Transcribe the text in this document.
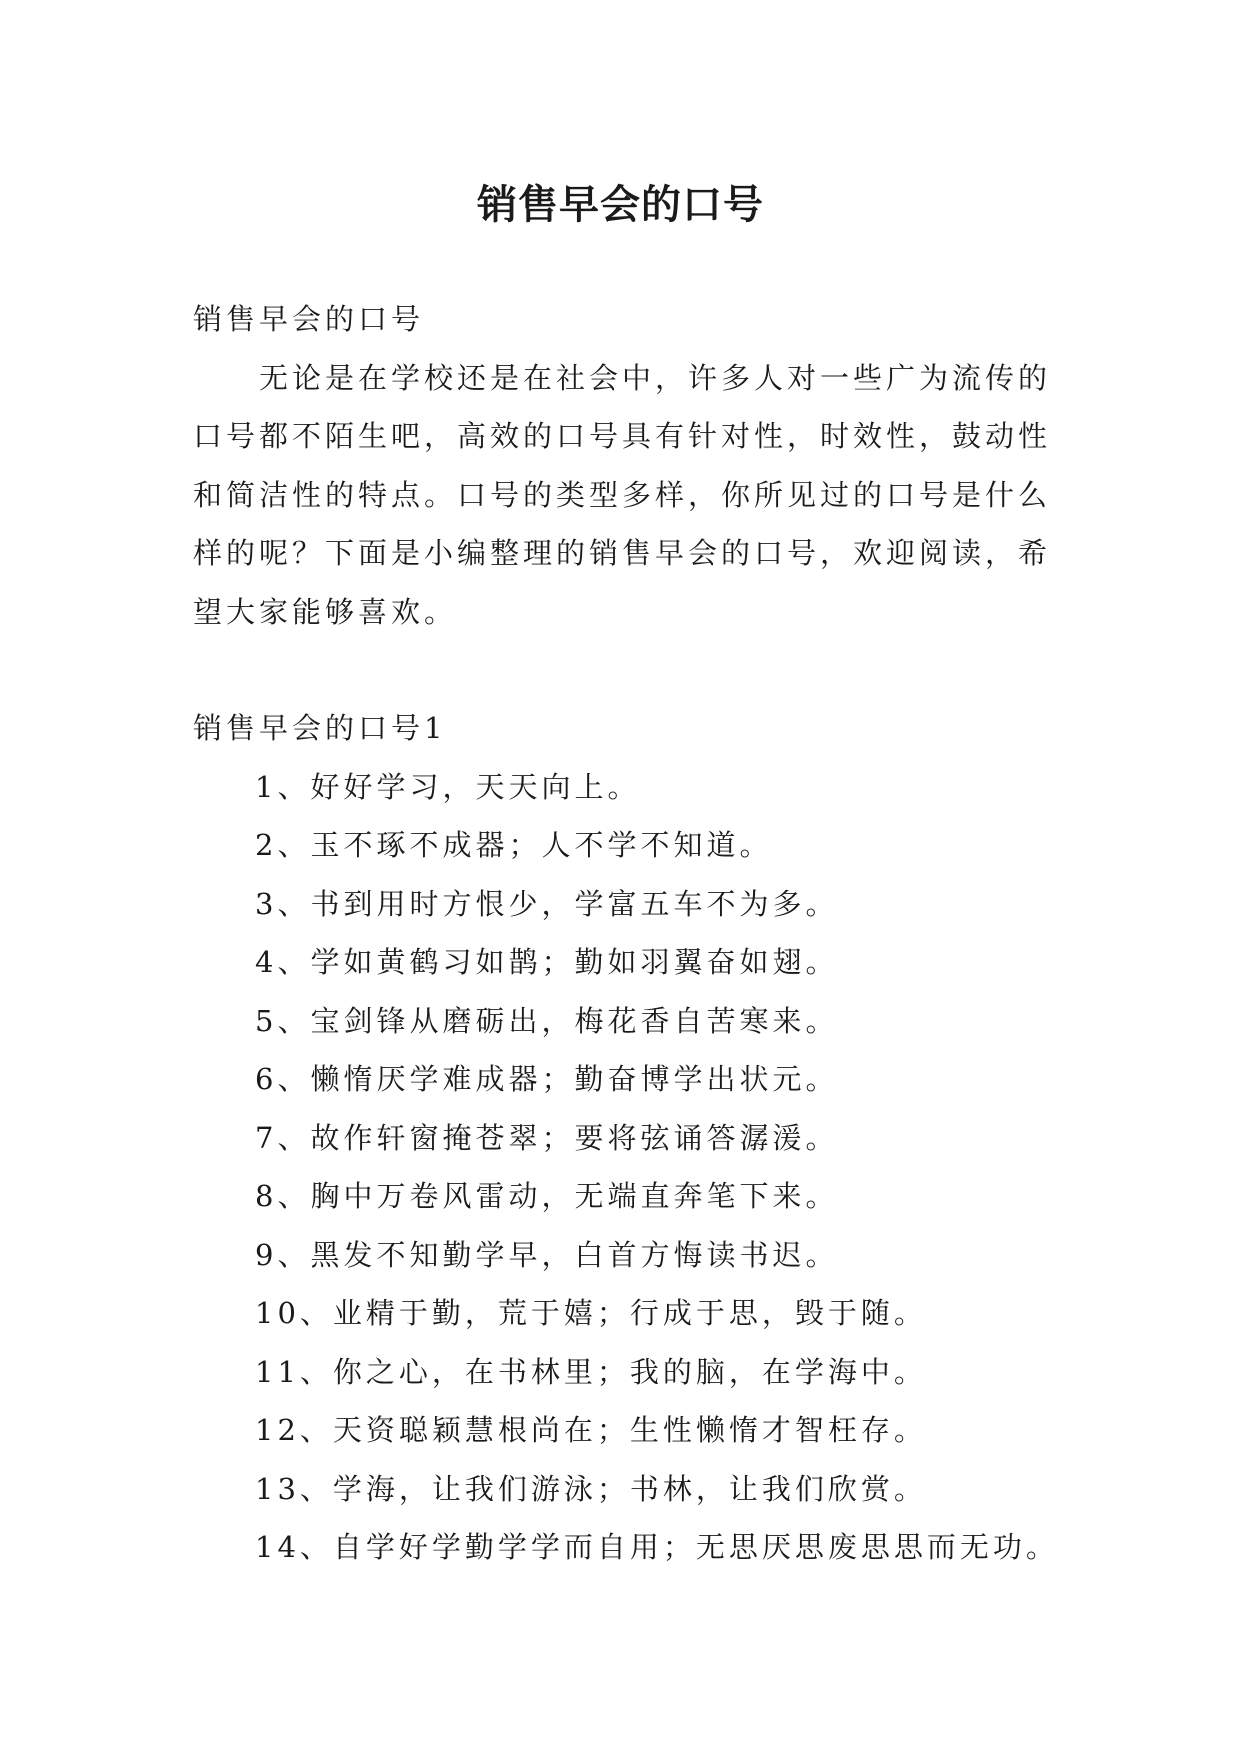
销售早会的口号

销售早会的口号

无论是在学校还是在社会中，许多人对一些广为流传的口号都不陌生吧，高效的口号具有针对性，时效性，鼓动性和简洁性的特点。口号的类型多样，你所见过的口号是什么样的呢？下面是小编整理的销售早会的口号，欢迎阅读，希望大家能够喜欢。

销售早会的口号1

1、好好学习，天天向上。
2、玉不琢不成器；人不学不知道。
3、书到用时方恨少，学富五车不为多。
4、学如黄鹤习如鹊；勤如羽翼奋如翅。
5、宝剑锋从磨砺出，梅花香自苦寒来。
6、懒惰厌学难成器；勤奋博学出状元。
7、故作轩窗掩苍翠；要将弦诵答潺湲。
8、胸中万卷风雷动，无端直奔笔下来。
9、黑发不知勤学早，白首方悔读书迟。
10、业精于勤，荒于嬉；行成于思，毁于随。
11、你之心，在书林里；我的脑，在学海中。
12、天资聪颖慧根尚在；生性懒惰才智枉存。
13、学海，让我们游泳；书林，让我们欣赏。
14、自学好学勤学学而自用；无思厌思废思思而无功。
